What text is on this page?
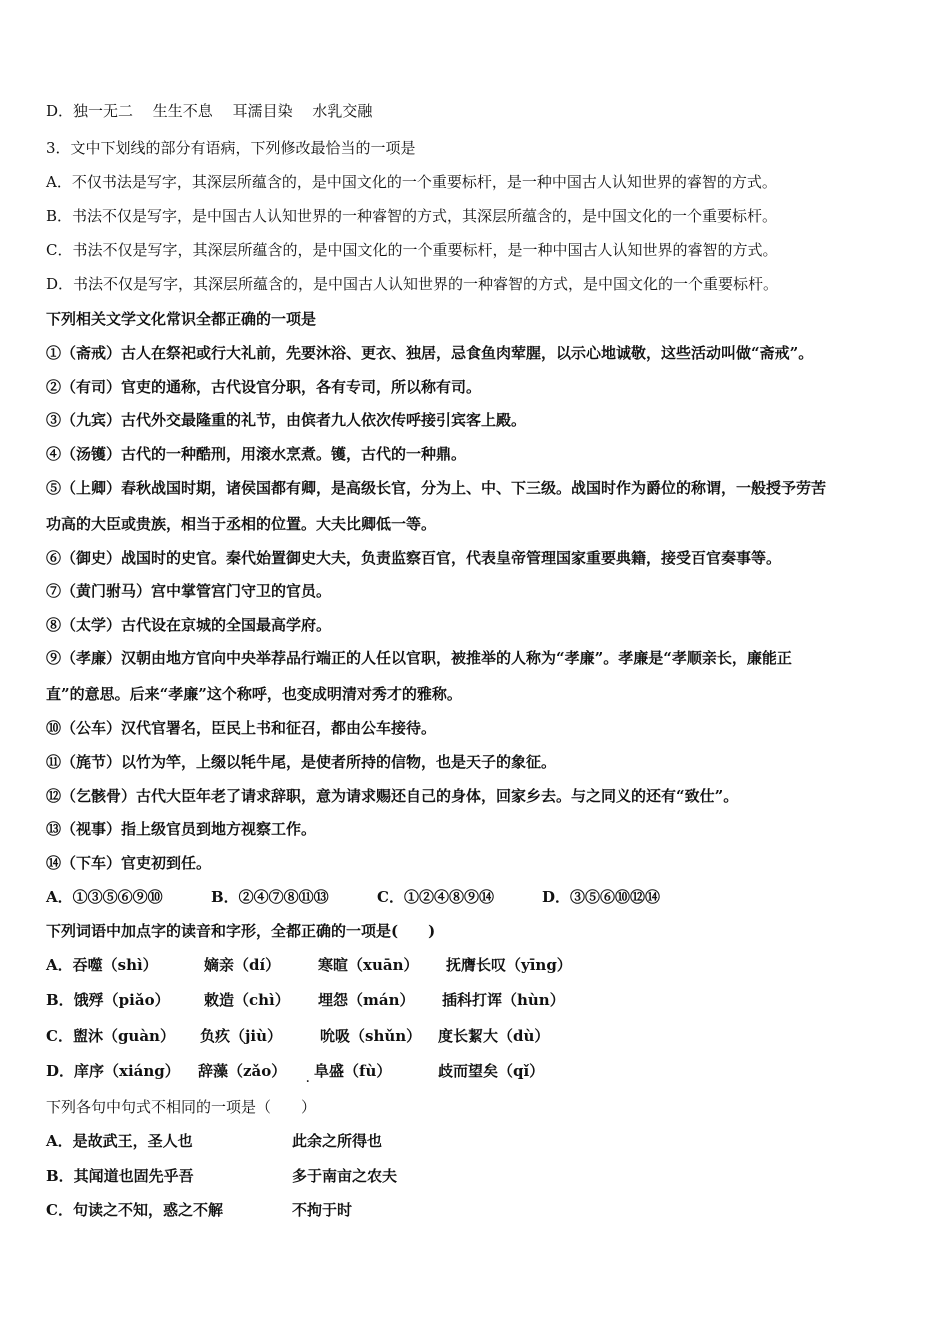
D．独一无二　 生生不息　 耳濡目染　 水乳交融
3．文中下划线的部分有语病，下列修改最恰当的一项是
A．不仅书法是写字，其深层所蕴含的，是中国文化的一个重要标杆，是一种中国古人认知世界的睿智的方式。
B．书法不仅是写字，是中国古人认知世界的一种睿智的方式，其深层所蕴含的，是中国文化的一个重要标杆。
C．书法不仅是写字，其深层所蕴含的，是中国文化的一个重要标杆，是一种中国古人认知世界的睿智的方式。
D．书法不仅是写字，其深层所蕴含的，是中国古人认知世界的一种睿智的方式，是中国文化的一个重要标杆。
下列相关文学文化常识全都正确的一项是
①（斋戒）古人在祭祀或行大礼前，先要沐浴、更衣、独居，忌食鱼肉荤腥，以示心地诚敬，这些活动叫做“斋戒”。
②（有司）官吏的通称，古代设官分职，各有专司，所以称有司。
③（九宾）古代外交最隆重的礼节，由傧者九人依次传呼接引宾客上殿。
④（汤镬）古代的一种酷刑，用滚水烹煮。镬，古代的一种鼎。
⑤（上卿）春秋战国时期，诸侯国都有卿，是高级长官，分为上、中、下三级。战国时作为爵位的称谓，一般授予劳苦
功高的大臣或贵族，相当于丞相的位置。大夫比卿低一等。
⑥（御史）战国时的史官。秦代始置御史大夫，负责监察百官，代表皇帝管理国家重要典籍，接受百官奏事等。
⑦（黄门驸马）宫中掌管宫门守卫的官员。
⑧（太学）古代设在京城的全国最高学府。
⑨（孝廉）汉朝由地方官向中央举荐品行端正的人任以官职，被推举的人称为“孝廉”。孝廉是“孝顺亲长，廉能正
直”的意思。后来“孝廉”这个称呼，也变成明清对秀才的雅称。
⑩（公车）汉代官署名，臣民上书和征召，都由公车接待。
⑪（旄节）以竹为竿，上缀以牦牛尾，是使者所持的信物，也是天子的象征。
⑫（乞骸骨）古代大臣年老了请求辞职，意为请求赐还自己的身体，回家乡去。与之同义的还有“致仕”。
⑬（视事）指上级官员到地方视察工作。
⑭（下车）官吏初到任。
A．①③⑤⑥⑨⑩	B．②④⑦⑧⑪⑬	C．①②④⑧⑨⑭	D．③⑤⑥⑩⑫⑭
下列词语中加点字的读音和字形，全都正确的一项是(　　)
A．吞噬（shì）	嫡亲（dí）	寒暄（xuān） 抚膺长叹（yīng）
B．饿殍（piǎo） 敕造（chì） 埋怨（mán） 插科打诨（hùn）
C．盥沐（guàn） 负疚（jiù）	吮吸（shǔn） 度长絜大（dù）
D．庠序（xiáng） 辞藻（zǎo） 阜盛（fù）	歧而望矣（qǐ）
.
下列各句中句式不相同的一项是（　　）
A．是故武王，圣人也	此余之所得也
B．其闻道也固先乎吾	多于南亩之农夫
C．句读之不知，惑之不解	不拘于时
